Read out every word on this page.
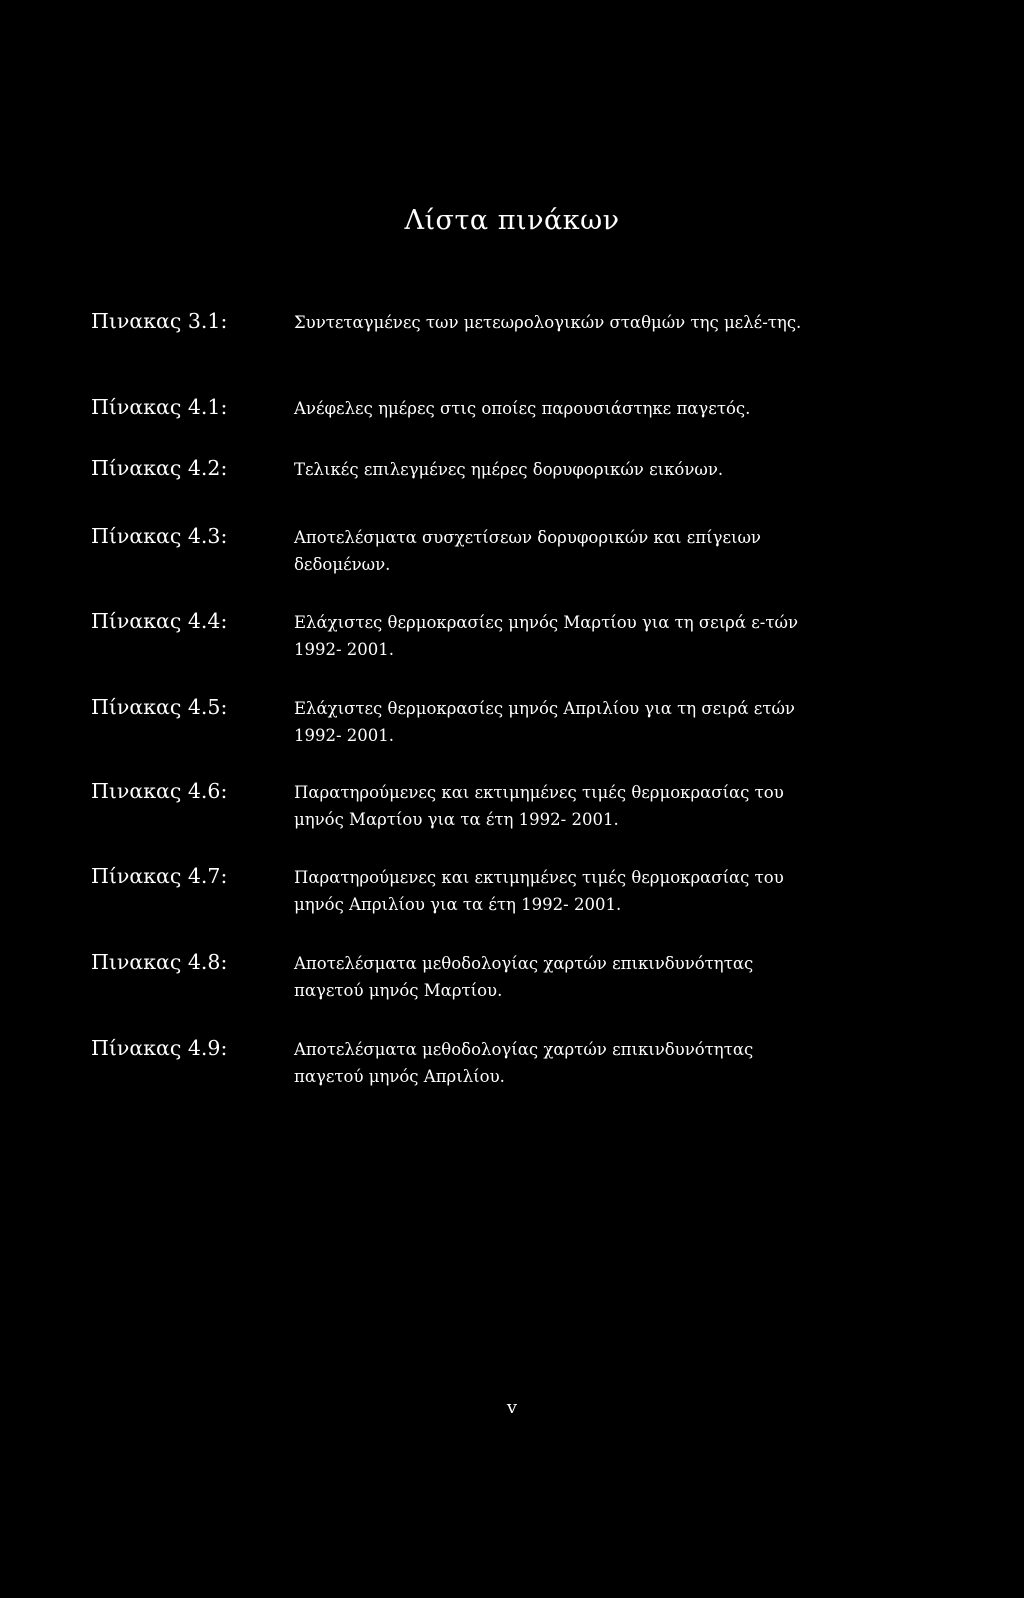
Λίστα πινάκων
Πινακας 3.1:	Συντεταγμένες των μετεωρολογικών σταθμών της μελέ-της.
Πίνακας 4.1:	Ανέφελες ημέρες στις οποίες παρουσιάστηκε παγετός.
Πίνακας 4.2:	Τελικές επιλεγμένες ημέρες δορυφορικών εικόνων.
Πίνακας 4.3:	Αποτελέσματα συσχετίσεων δορυφορικών και επίγειων δεδομένων.
Πίνακας 4.4:	Ελάχιστες θερμοκρασίες μηνός Μαρτίου για τη σειρά ε-τών 1992- 2001.
Πίνακας 4.5:	Ελάχιστες θερμοκρασίες μηνός Απριλίου για τη σειρά ετών 1992- 2001.
Πινακας 4.6:	Παρατηρούμενες και εκτιμημένες τιμές θερμοκρασίας του μηνός Μαρτίου για τα έτη 1992- 2001.
Πίνακας 4.7:	Παρατηρούμενες και εκτιμημένες τιμές θερμοκρασίας του μηνός Απριλίου για τα έτη 1992- 2001.
Πινακας 4.8:	Αποτελέσματα μεθοδολογίας χαρτών επικινδυνότητας παγετού μηνός Μαρτίου.
Πίνακας 4.9:	Αποτελέσματα μεθοδολογίας χαρτών επικινδυνότητας παγετού μηνός Απριλίου.
v
